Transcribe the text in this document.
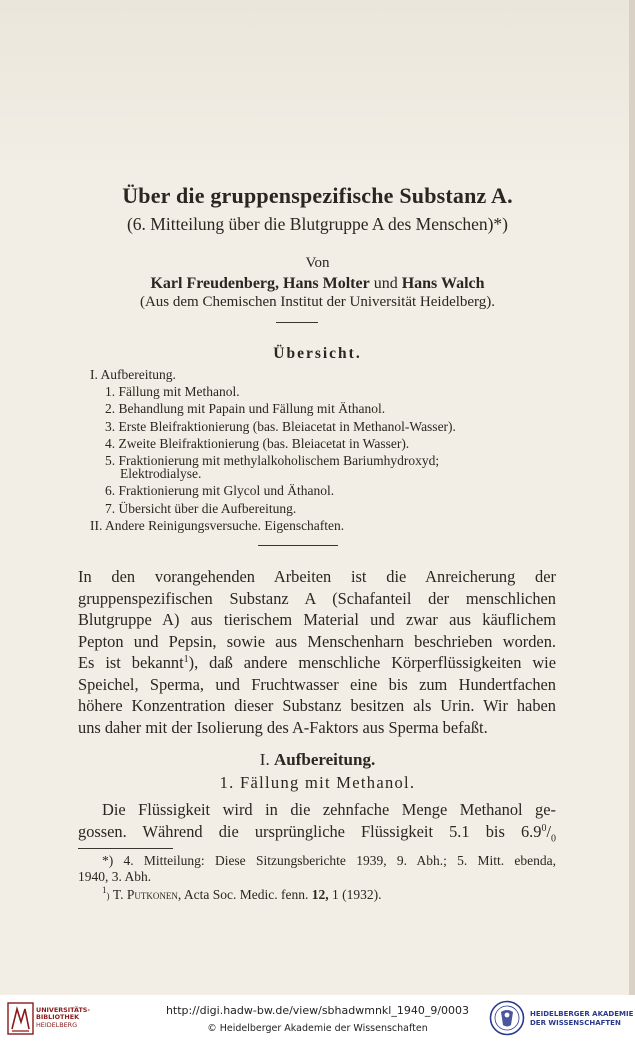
Über die gruppenspezifische Substanz A.
(6. Mitteilung über die Blutgruppe A des Menschen)*)
Von
Karl Freudenberg, Hans Molter und Hans Walch
(Aus dem Chemischen Institut der Universität Heidelberg).
Übersicht.
I. Aufbereitung.
1. Fällung mit Methanol.
2. Behandlung mit Papain und Fällung mit Äthanol.
3. Erste Bleifraktionierung (bas. Bleiacetat in Methanol-Wasser).
4. Zweite Bleifraktionierung (bas. Bleiacetat in Wasser).
5. Fraktionierung mit methylalkoholischem Bariumhydroxyd;
Elektrodialyse.
6. Fraktionierung mit Glycol und Äthanol.
7. Übersicht über die Aufbereitung.
II. Andere Reinigungsversuche. Eigenschaften.

In den vorangehenden Arbeiten ist die Anreicherung der

gruppenspezifischen Substanz A (Schafanteil der menschlichen

Blutgruppe A) aus tierischem Material und zwar aus käuflichem

Pepton und Pepsin, sowie aus Menschenharn beschrieben worden.

Es ist bekannt$^1$), daß andere menschliche Körperflüssigkeiten wie

Speichel, Sperma, und Fruchtwasser eine bis zum Hundertfachen

höhere Konzentration dieser Substanz besitzen als Urin. Wir haben

uns daher mit der Isolierung des A-Faktors aus Sperma befaßt.

I. Aufbereitung.
1. Fällung mit Methanol.

Die Flüssigkeit wird in die zehnfache Menge Methanol ge-

gossen. Während die ursprüngliche Flüssigkeit 5.1 bis $6.9^0/_0$

*) 4. Mitteilung: Diese Sitzungsberichte 1939, 9. Abh.; 5. Mitt. ebenda,
1940, 3. Abh.
$^1$) T. Putkonen, Acta Soc. Medic. fenn. 12, 1 (1932).
UNIVERSITÄTS-
BIBLIOTHEK
HEIDELBERG
http://digi.hadw-bw.de/view/sbhadwmnkl_1940_9/0003
© Heidelberger Akademie der Wissenschaften
HEIDELBERGER AKADEMIE
DER WISSENSCHAFTEN
